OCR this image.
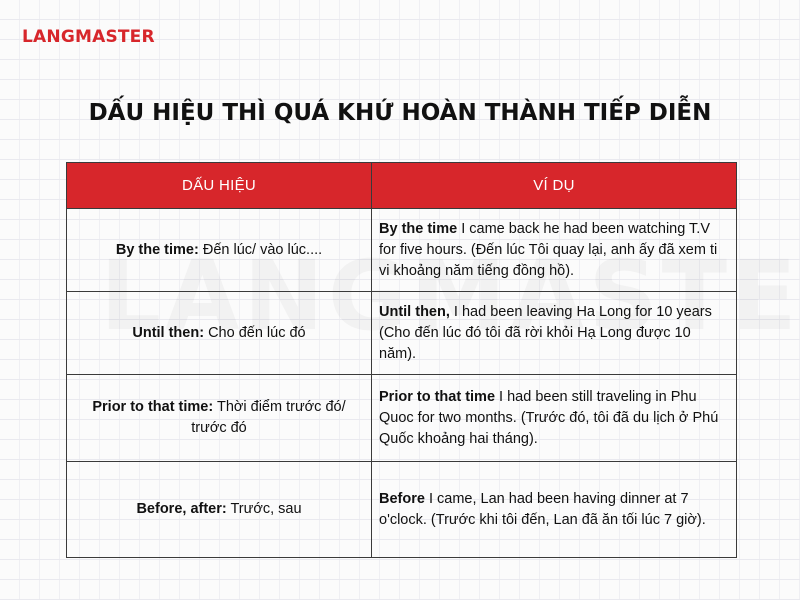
LANGMASTER
DẤU HIỆU THÌ QUÁ KHỨ HOÀN THÀNH TIẾP DIỄN
DẤU HIỆU	VÍ DỤ
By the time: Đến lúc/ vào lúc....	By the time I came back he had been watching T.V for five hours. (Đến lúc Tôi quay lại, anh ấy đã xem ti vi khoảng năm tiếng đồng hồ).
Until then: Cho đến lúc đó	Until then, I had been leaving Ha Long for 10 years (Cho đến lúc đó tôi đã rời khỏi Hạ Long được 10 năm).
Prior to that time: Thời điểm trước đó/ trước đó	Prior to that time I had been still traveling in Phu Quoc for two months. (Trước đó, tôi đã du lịch ở Phú Quốc khoảng hai tháng).
Before, after: Trước, sau	Before I came, Lan had been having dinner at 7 o'clock. (Trước khi tôi đến, Lan đã ăn tối lúc 7 giờ).
